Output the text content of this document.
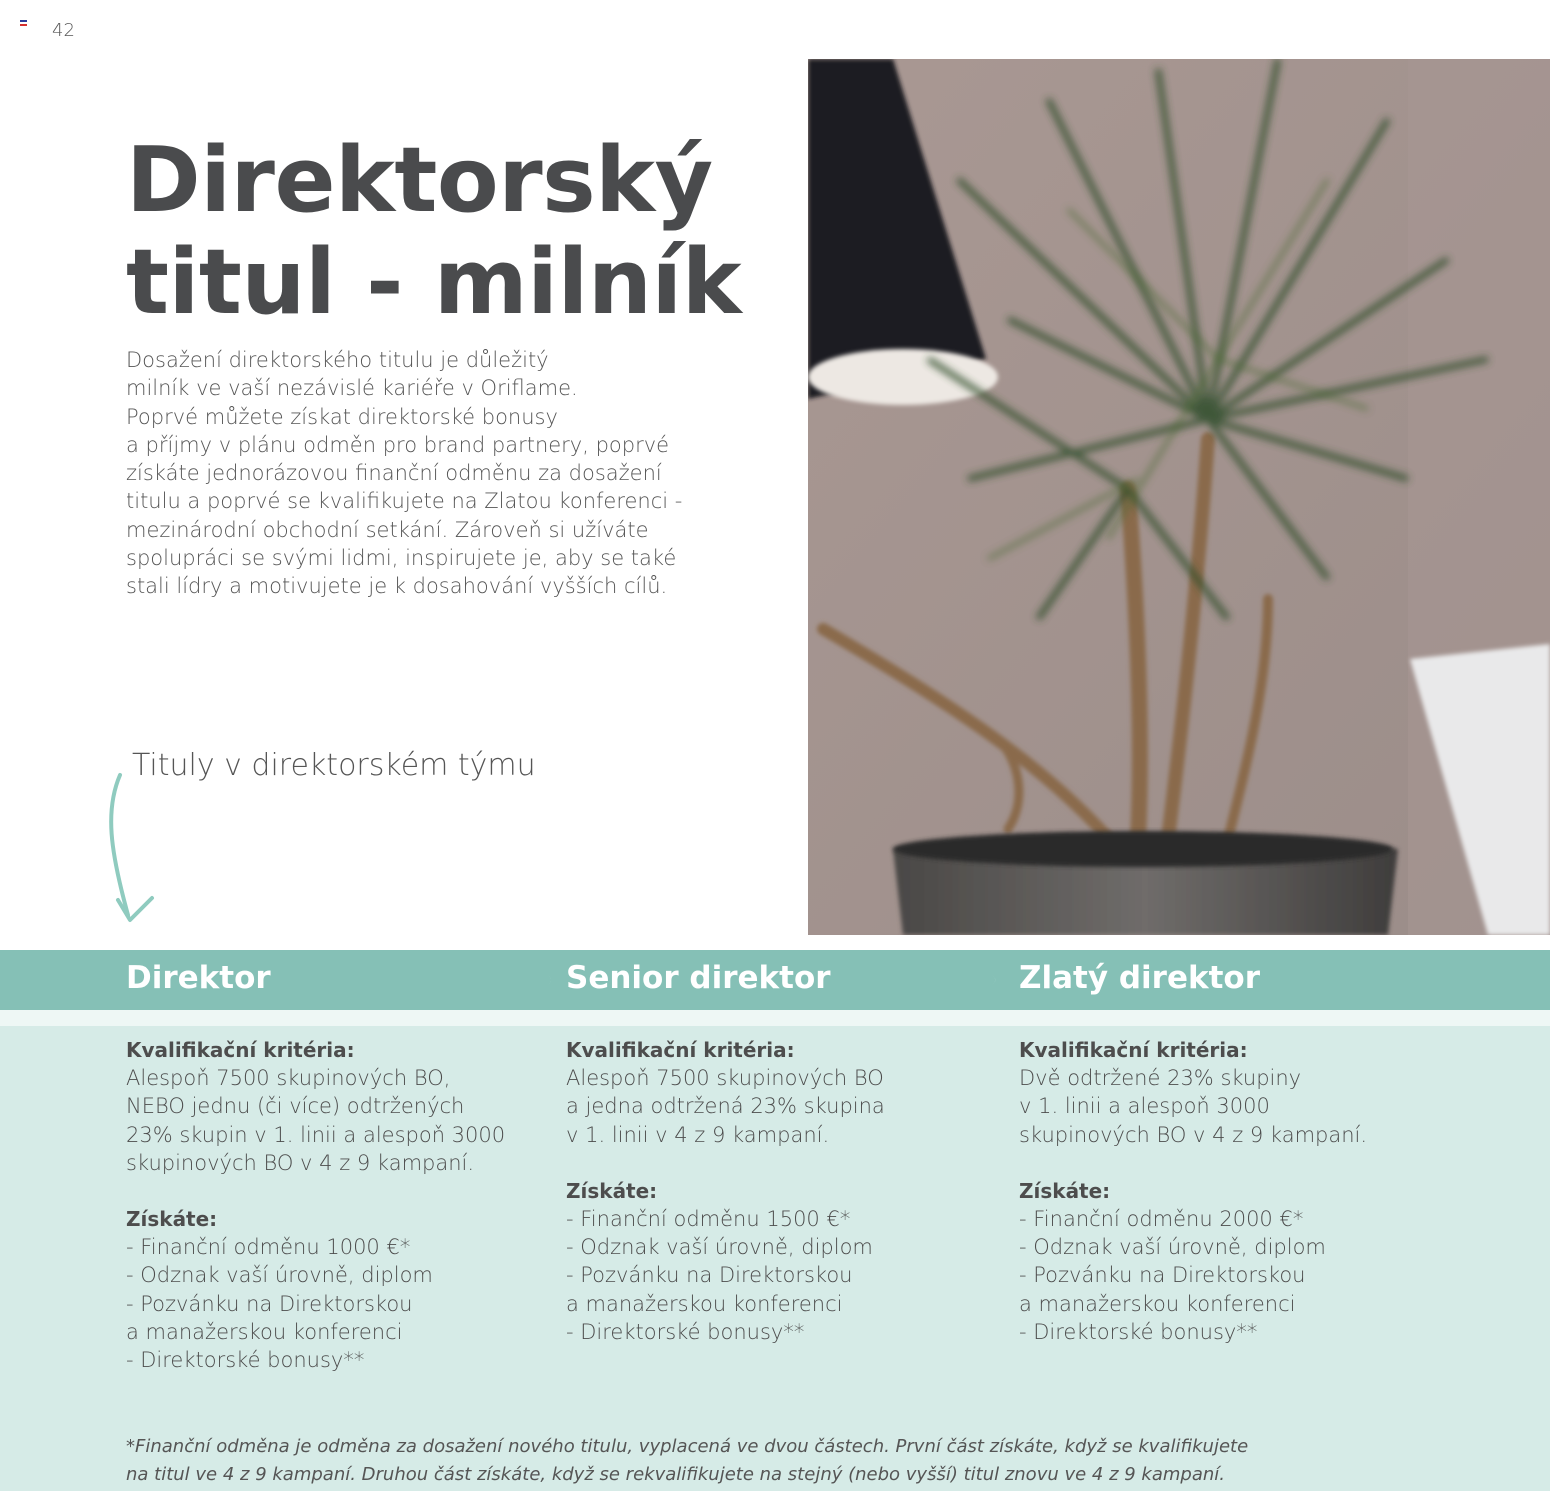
42
Direktorský
titul - milník

Dosažení direktorského titulu je důležitý
milník ve vaší nezávislé kariéře v Oriflame.
Poprvé můžete získat direktorské bonusy
a příjmy v plánu odměn pro brand partnery, poprvé
získáte jednorázovou finanční odměnu za dosažení
titulu a poprvé se kvalifikujete na Zlatou konferenci -
mezinárodní obchodní setkání. Zároveň si užíváte
spolupráci se svými lidmi, inspirujete je, aby se také
stali lídry a motivujete je k dosahování vyšších cílů.

Tituly v direktorském týmu
Direktor	Senior direktor	Zlatý direktor
Kvalifikační kritéria:
Alespoň 7500 skupinových BO,
NEBO jednu (či více) odtržených
23% skupin v 1. linii a alespoň 3000
skupinových BO v 4 z 9 kampaní.
Získáte:
- Finanční odměnu 1000 €*
- Odznak vaší úrovně, diplom
- Pozvánku na Direktorskou
a manažerskou konferenci
- Direktorské bonusy**
Kvalifikační kritéria:
Alespoň 7500 skupinových BO
a jedna odtržená 23% skupina
v 1. linii v 4 z 9 kampaní.
Získáte:
- Finanční odměnu 1500 €*
- Odznak vaší úrovně, diplom
- Pozvánku na Direktorskou
a manažerskou konferenci
- Direktorské bonusy**
Kvalifikační kritéria:
Dvě odtržené 23% skupiny
v 1. linii a alespoň 3000
skupinových BO v 4 z 9 kampaní.
Získáte:
- Finanční odměnu 2000 €*
- Odznak vaší úrovně, diplom
- Pozvánku na Direktorskou
a manažerskou konferenci
- Direktorské bonusy**
*Finanční odměna je odměna za dosažení nového titulu, vyplacená ve dvou částech. První část získáte, když se kvalifikujete
na titul ve 4 z 9 kampaní. Druhou část získáte, když se rekvalifikujete na stejný (nebo vyšší) titul znovu ve 4 z 9 kampaní.
